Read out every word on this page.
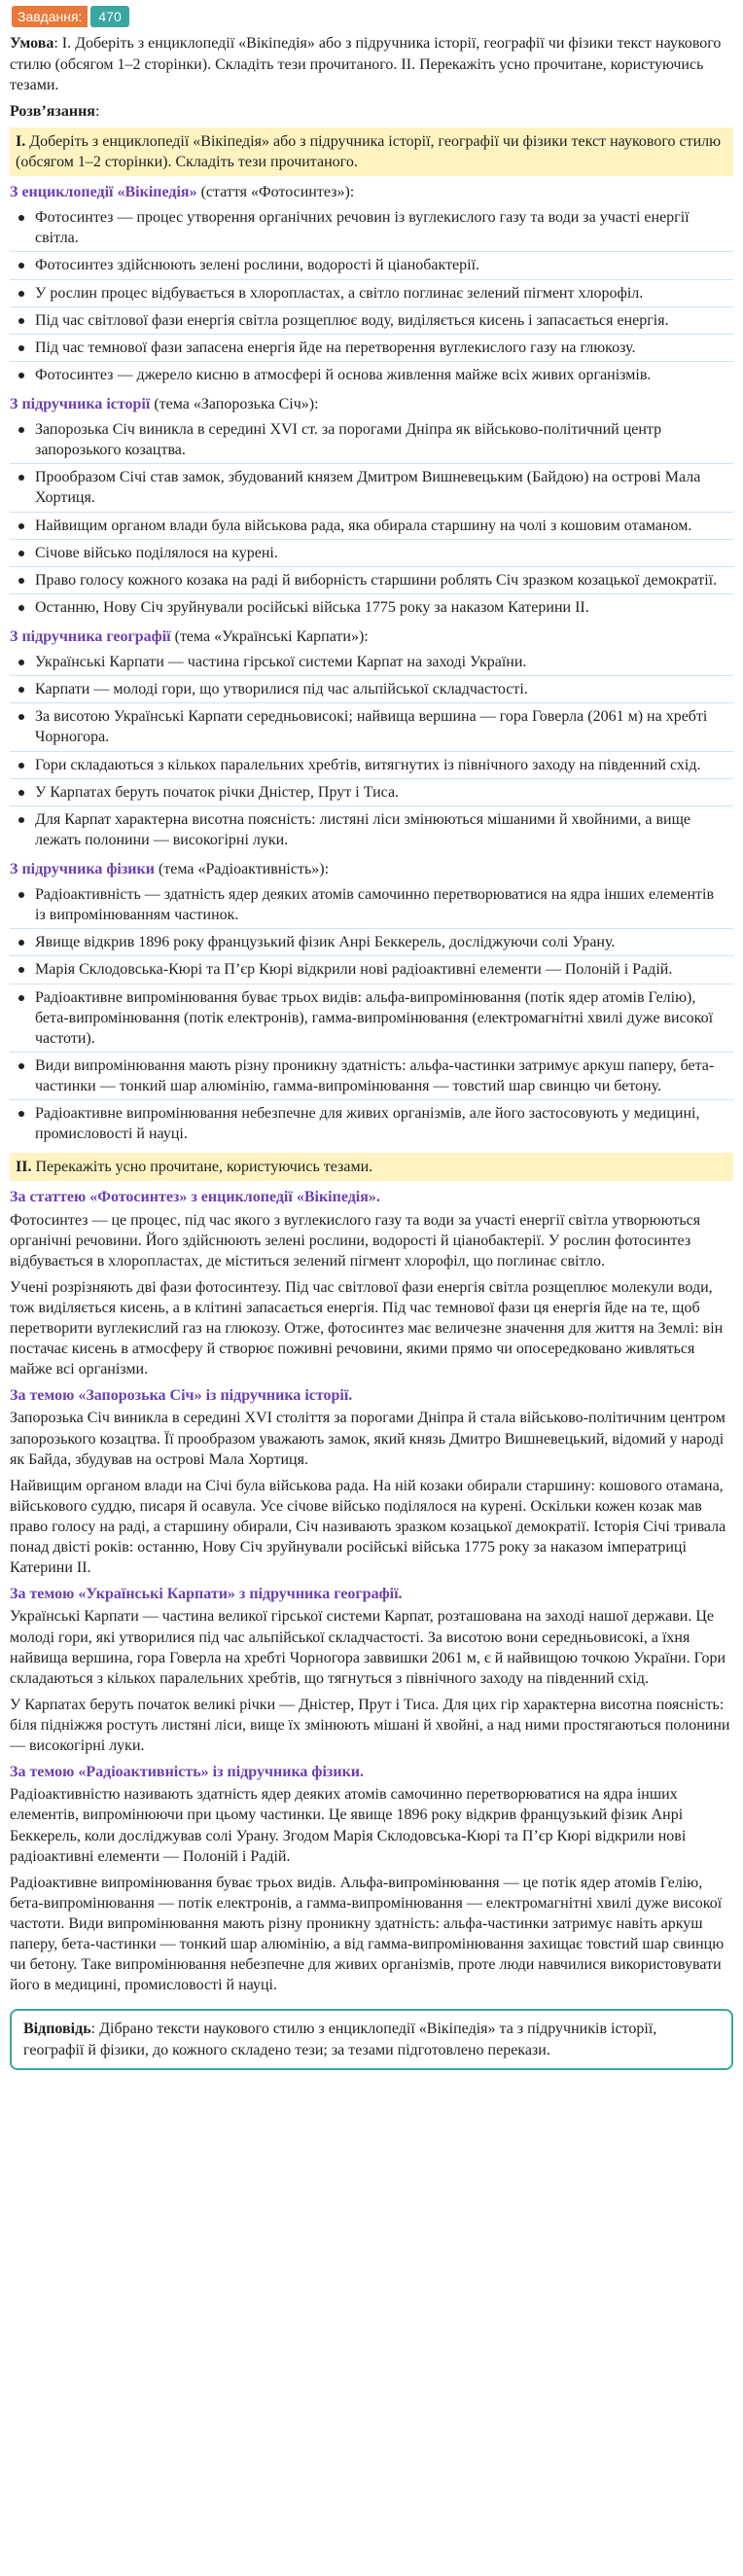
Завдання:	470

Умова: І. Доберіть з енциклопедії «Вікіпедія» або з підручника історії, географії чи фізики текст наукового стилю (обсягом 1–2 сторінки). Складіть тези прочитаного. ІІ. Перекажіть усно прочитане, користуючись тезами.

Розв’язання:

І. Доберіть з енциклопедії «Вікіпедія» або з підручника історії, географії чи фізики текст наукового стилю (обсягом 1–2 сторінки). Складіть тези прочитаного.
З енциклопедії «Вікіпедія» (стаття «Фотосинтез»):
Фотосинтез — процес утворення органічних речовин із вуглекислого газу та води за участі енергії світла.
Фотосинтез здійснюють зелені рослини, водорості й ціанобактерії.
У рослин процес відбувається в хлоропластах, а світло поглинає зелений пігмент хлорофіл.
Під час світлової фази енергія світла розщеплює воду, виділяється кисень і запасається енергія.
Під час темнової фази запасена енергія йде на перетворення вуглекислого газу на глюкозу.
Фотосинтез — джерело кисню в атмосфері й основа живлення майже всіх живих організмів.
З підручника історії (тема «Запорозька Січ»):
Запорозька Січ виникла в середині XVI ст. за порогами Дніпра як військово-політичний центр запорозького козацтва.
Прообразом Січі став замок, збудований князем Дмитром Вишневецьким (Байдою) на острові Мала Хортиця.
Найвищим органом влади була військова рада, яка обирала старшину на чолі з кошовим отаманом.
Січове військо поділялося на курені.
Право голосу кожного козака на раді й виборність старшини роблять Січ зразком козацької демократії.
Останню, Нову Січ зруйнували російські війська 1775 року за наказом Катерини ІІ.
З підручника географії (тема «Українські Карпати»):
Українські Карпати — частина гірської системи Карпат на заході України.
Карпати — молоді гори, що утворилися під час альпійської складчастості.
За висотою Українські Карпати середньовисокі; найвища вершина — гора Говерла (2061 м) на хребті Чорногора.
Гори складаються з кількох паралельних хребтів, витягнутих із північного заходу на південний схід.
У Карпатах беруть початок річки Дністер, Прут і Тиса.
Для Карпат характерна висотна поясність: листяні ліси змінюються мішаними й хвойними, а вище лежать полонини — високогірні луки.
З підручника фізики (тема «Радіоактивність»):
Радіоактивність — здатність ядер деяких атомів самочинно перетворюватися на ядра інших елементів із випромінюванням частинок.
Явище відкрив 1896 року французький фізик Анрі Беккерель, досліджуючи солі Урану.
Марія Склодовська-Кюрі та П’єр Кюрі відкрили нові радіоактивні елементи — Полоній і Радій.
Радіоактивне випромінювання буває трьох видів: альфа-випромінювання (потік ядер атомів Гелію), бета-випромінювання (потік електронів), гамма-випромінювання (електромагнітні хвилі дуже високої частоти).
Види випромінювання мають різну проникну здатність: альфа-частинки затримує аркуш паперу, бета-частинки — тонкий шар алюмінію, гамма-випромінювання — товстий шар свинцю чи бетону.
Радіоактивне випромінювання небезпечне для живих організмів, але його застосовують у медицині, промисловості й науці.
ІІ. Перекажіть усно прочитане, користуючись тезами.
За статтею «Фотосинтез» з енциклопедії «Вікіпедія».

Фотосинтез — це процес, під час якого з вуглекислого газу та води за участі енергії світла утворюються органічні речовини. Його здійснюють зелені рослини, водорості й ціанобактерії. У рослин фотосинтез відбувається в хлоропластах, де міститься зелений пігмент хлорофіл, що поглинає світло.

Учені розрізняють дві фази фотосинтезу. Під час світлової фази енергія світла розщеплює молекули води, тож виділяється кисень, а в клітині запасається енергія. Під час темнової фази ця енергія йде на те, щоб перетворити вуглекислий газ на глюкозу. Отже, фотосинтез має величезне значення для життя на Землі: він постачає кисень в атмосферу й створює поживні речовини, якими прямо чи опосередковано живляться майже всі організми.

За темою «Запорозька Січ» із підручника історії.

Запорозька Січ виникла в середині XVI століття за порогами Дніпра й стала військово-політичним центром запорозького козацтва. Її прообразом уважають замок, який князь Дмитро Вишневецький, відомий у народі як Байда, збудував на острові Мала Хортиця.

Найвищим органом влади на Січі була військова рада. На ній козаки обирали старшину: кошового отамана, військового суддю, писаря й осавула. Усе січове військо поділялося на курені. Оскільки кожен козак мав право голосу на раді, а старшину обирали, Січ називають зразком козацької демократії. Історія Січі тривала понад двісті років: останню, Нову Січ зруйнували російські війська 1775 року за наказом імператриці Катерини ІІ.

За темою «Українські Карпати» з підручника географії.

Українські Карпати — частина великої гірської системи Карпат, розташована на заході нашої держави. Це молоді гори, які утворилися під час альпійської складчастості. За висотою вони середньовисокі, а їхня найвища вершина, гора Говерла на хребті Чорногора заввишки 2061 м, є й найвищою точкою України. Гори складаються з кількох паралельних хребтів, що тягнуться з північного заходу на південний схід.

У Карпатах беруть початок великі річки — Дністер, Прут і Тиса. Для цих гір характерна висотна поясність: біля підніжжя ростуть листяні ліси, вище їх змінюють мішані й хвойні, а над ними простягаються полонини — високогірні луки.

За темою «Радіоактивність» із підручника фізики.

Радіоактивністю називають здатність ядер деяких атомів самочинно перетворюватися на ядра інших елементів, випромінюючи при цьому частинки. Це явище 1896 року відкрив французький фізик Анрі Беккерель, коли досліджував солі Урану. Згодом Марія Склодовська-Кюрі та П’єр Кюрі відкрили нові радіоактивні елементи — Полоній і Радій.

Радіоактивне випромінювання буває трьох видів. Альфа-випромінювання — це потік ядер атомів Гелію, бета-випромінювання — потік електронів, а гамма-випромінювання — електромагнітні хвилі дуже високої частоти. Види випромінювання мають різну проникну здатність: альфа-частинки затримує навіть аркуш паперу, бета-частинки — тонкий шар алюмінію, а від гамма-випромінювання захищає товстий шар свинцю чи бетону. Таке випромінювання небезпечне для живих організмів, проте люди навчилися використовувати його в медицині, промисловості й науці.

Відповідь: Дібрано тексти наукового стилю з енциклопедії «Вікіпедія» та з підручників історії, географії й фізики, до кожного складено тези; за тезами підготовлено перекази.
